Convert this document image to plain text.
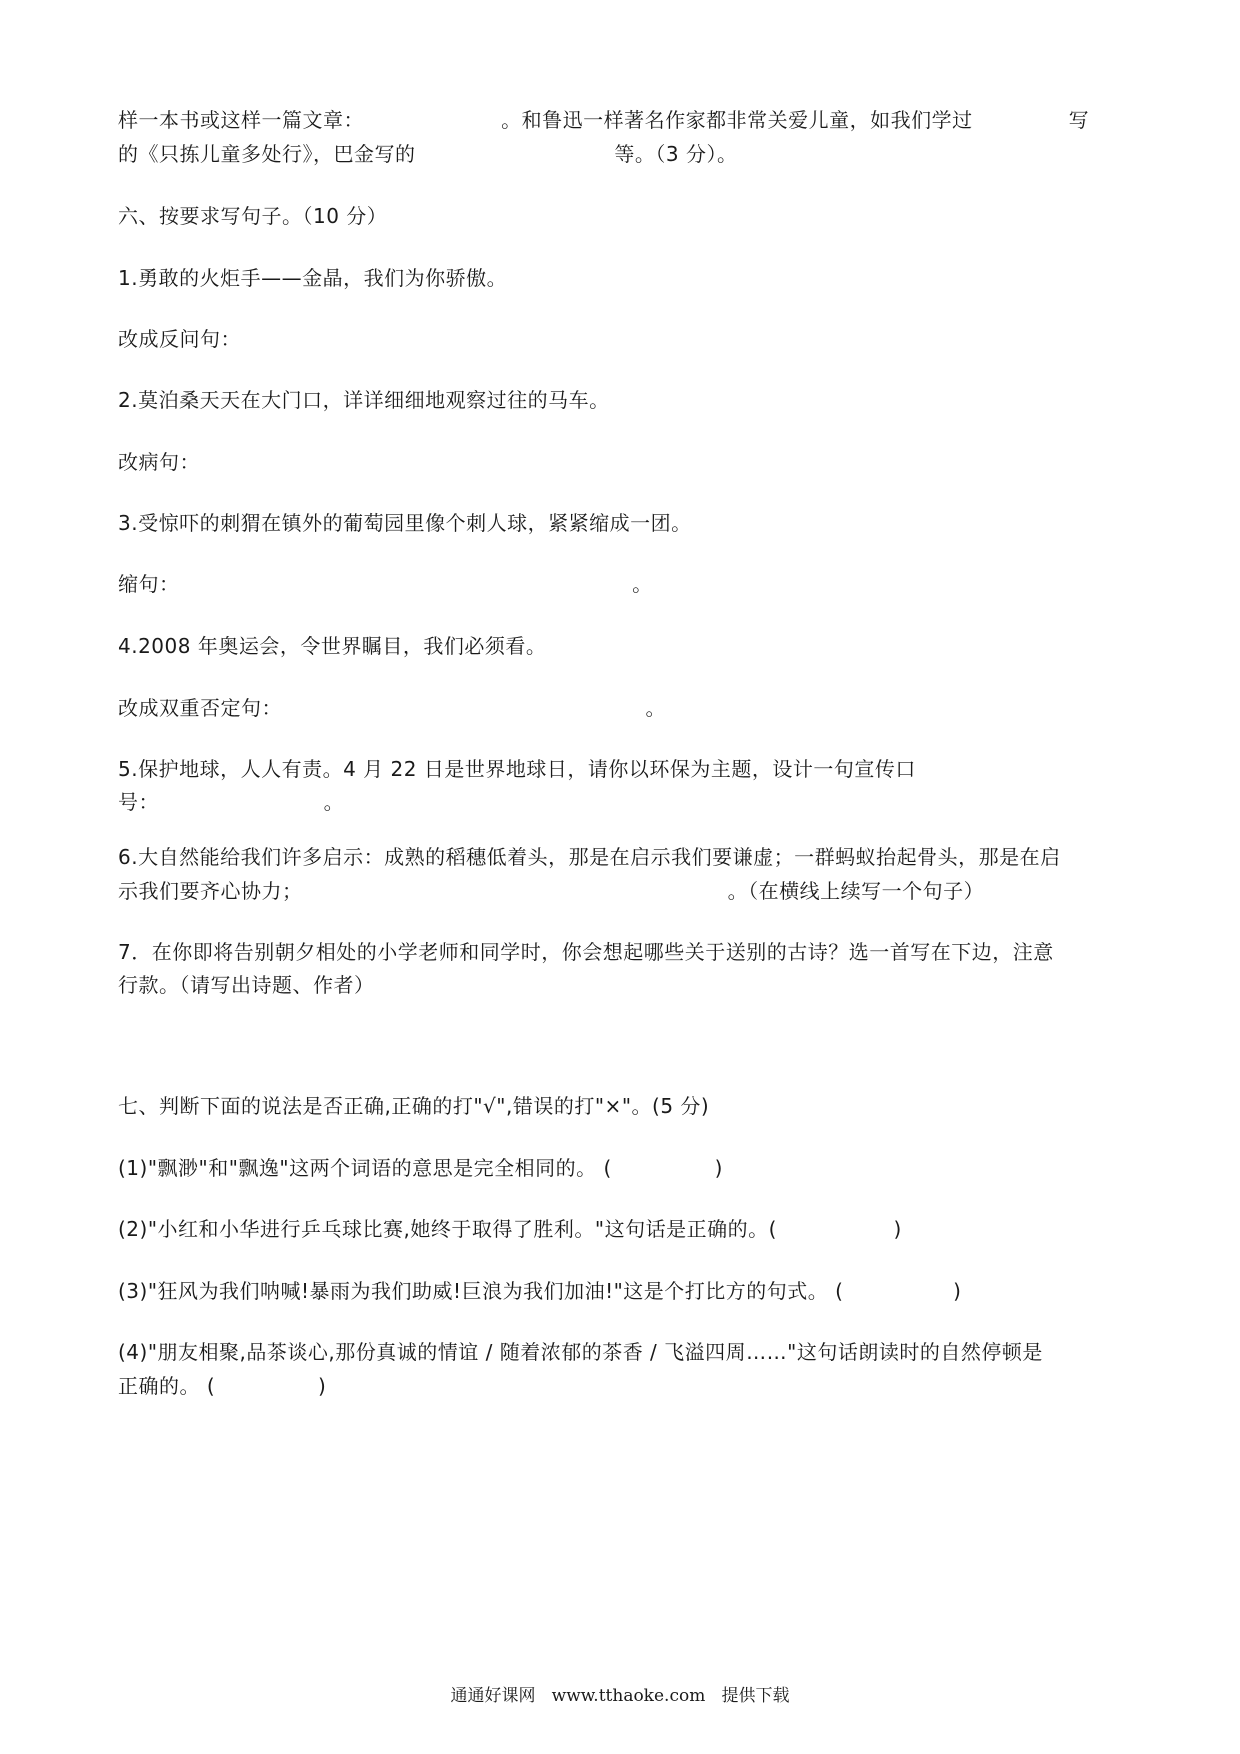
样一本书或这样一篇文章：                    。和鲁迅一样著名作家都非常关爱儿童，如我们学过              写
的《只拣儿童多处行》，巴金写的                             等。（3 分）。
六、按要求写句子。（10 分）
1.勇敢的火炬手——金晶，我们为你骄傲。
改成反问句：
2.莫泊桑天天在大门口，详详细细地观察过往的马车。
改病句：
3.受惊吓的刺猬在镇外的葡萄园里像个刺人球，紧紧缩成一团。
缩句：                                                                  。
4.2008 年奥运会，令世界瞩目，我们必须看。
改成双重否定句：                                                     。
5.保护地球，人人有责。4 月 22 日是世界地球日，请你以环保为主题，设计一句宣传口
号：                        。
6.大自然能给我们许多启示：成熟的稻穗低着头，那是在启示我们要谦虚；一群蚂蚁抬起骨头，那是在启
示我们要齐心协力；                                                              。（在横线上续写一个句子）
7．在你即将告别朝夕相处的小学老师和同学时，你会想起哪些关于送别的古诗？选一首写在下边，注意
行款。（请写出诗题、作者）
七、判断下面的说法是否正确,正确的打"√",错误的打"×"。(5 分)
(1)"飘渺"和"飘逸"这两个词语的意思是完全相同的。 (               )
(2)"小红和小华进行乒乓球比赛,她终于取得了胜利。"这句话是正确的。(                 )
(3)"狂风为我们呐喊!暴雨为我们助威!巨浪为我们加油!"这是个打比方的句式。 (                )
(4)"朋友相聚,品茶谈心,那份真诚的情谊 / 随着浓郁的茶香 / 飞溢四周……"这句话朗读时的自然停顿是
正确的。 (               )
通通好课网   www.tthaoke.com   提供下载
